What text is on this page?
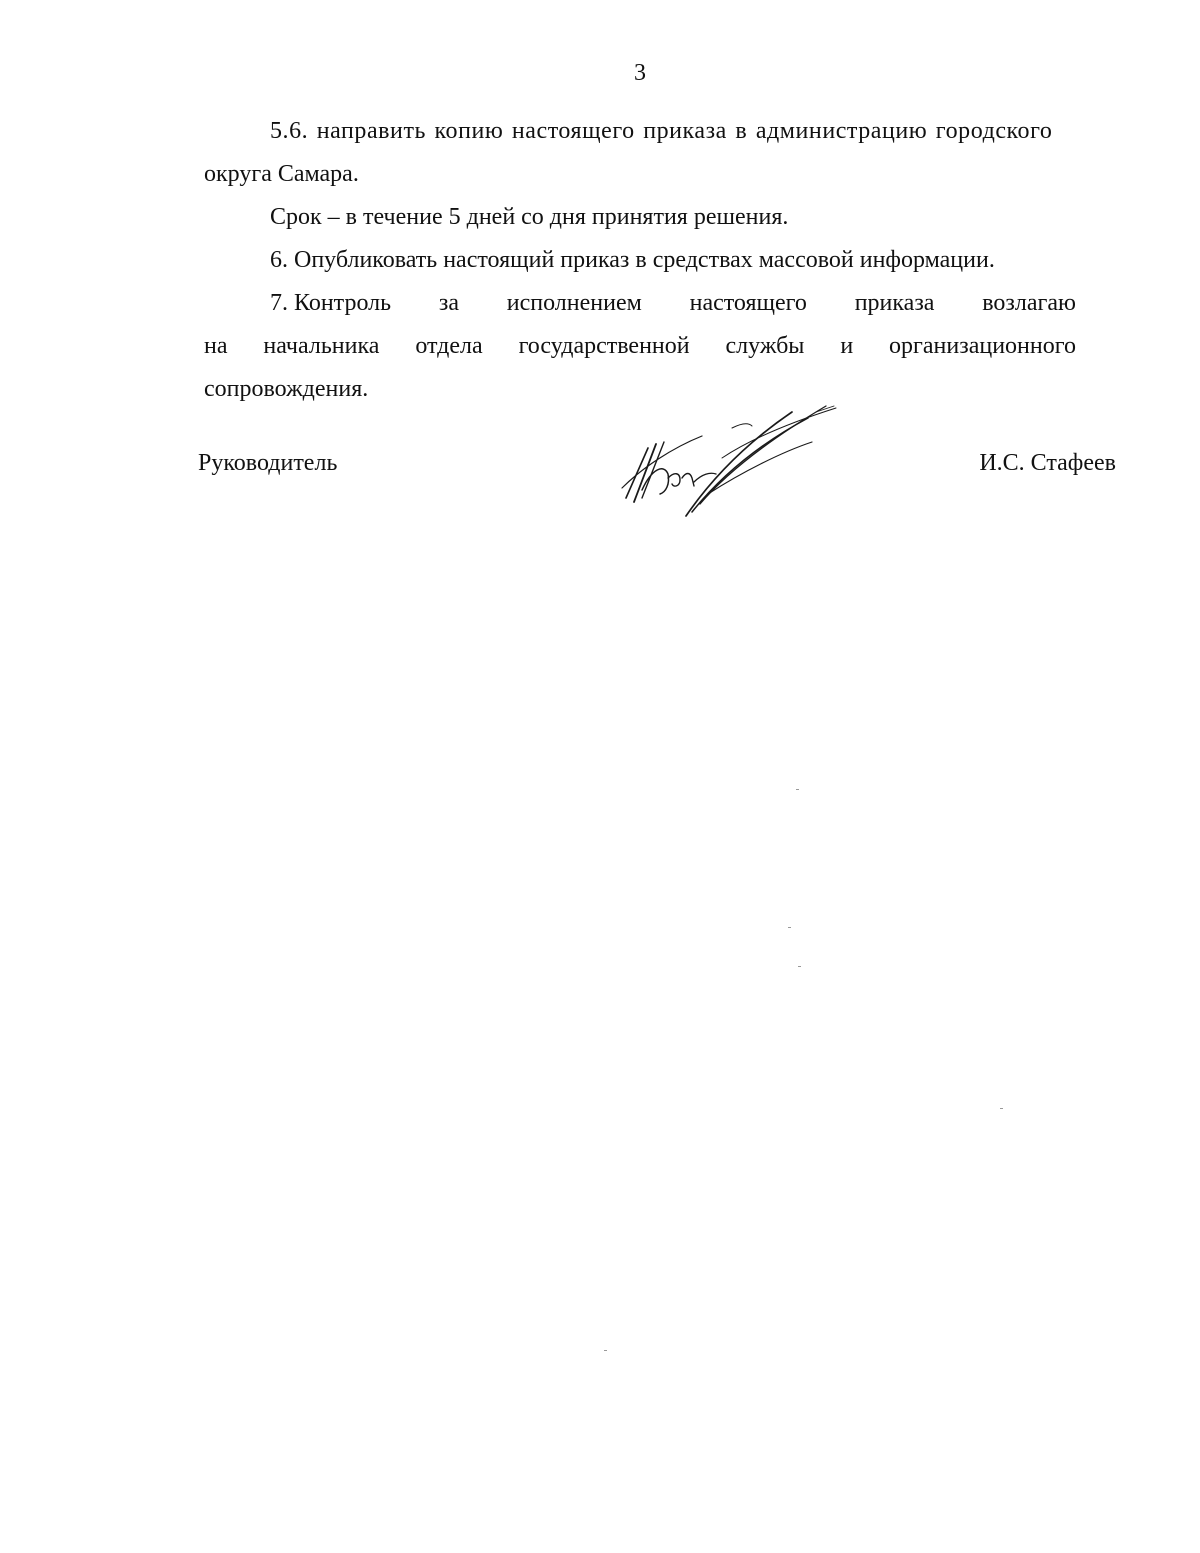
3
5.6. направить копию настоящего приказа в администрацию городского
округа Самара.
Срок – в течение 5 дней со дня принятия решения.
6. Опубликовать настоящий приказ в средствах массовой информации.
7. Контроль за исполнением настоящего приказа возлагаю
на начальника отдела государственной службы и организационного
сопровождения.
Руководитель	И.С. Стафеев
